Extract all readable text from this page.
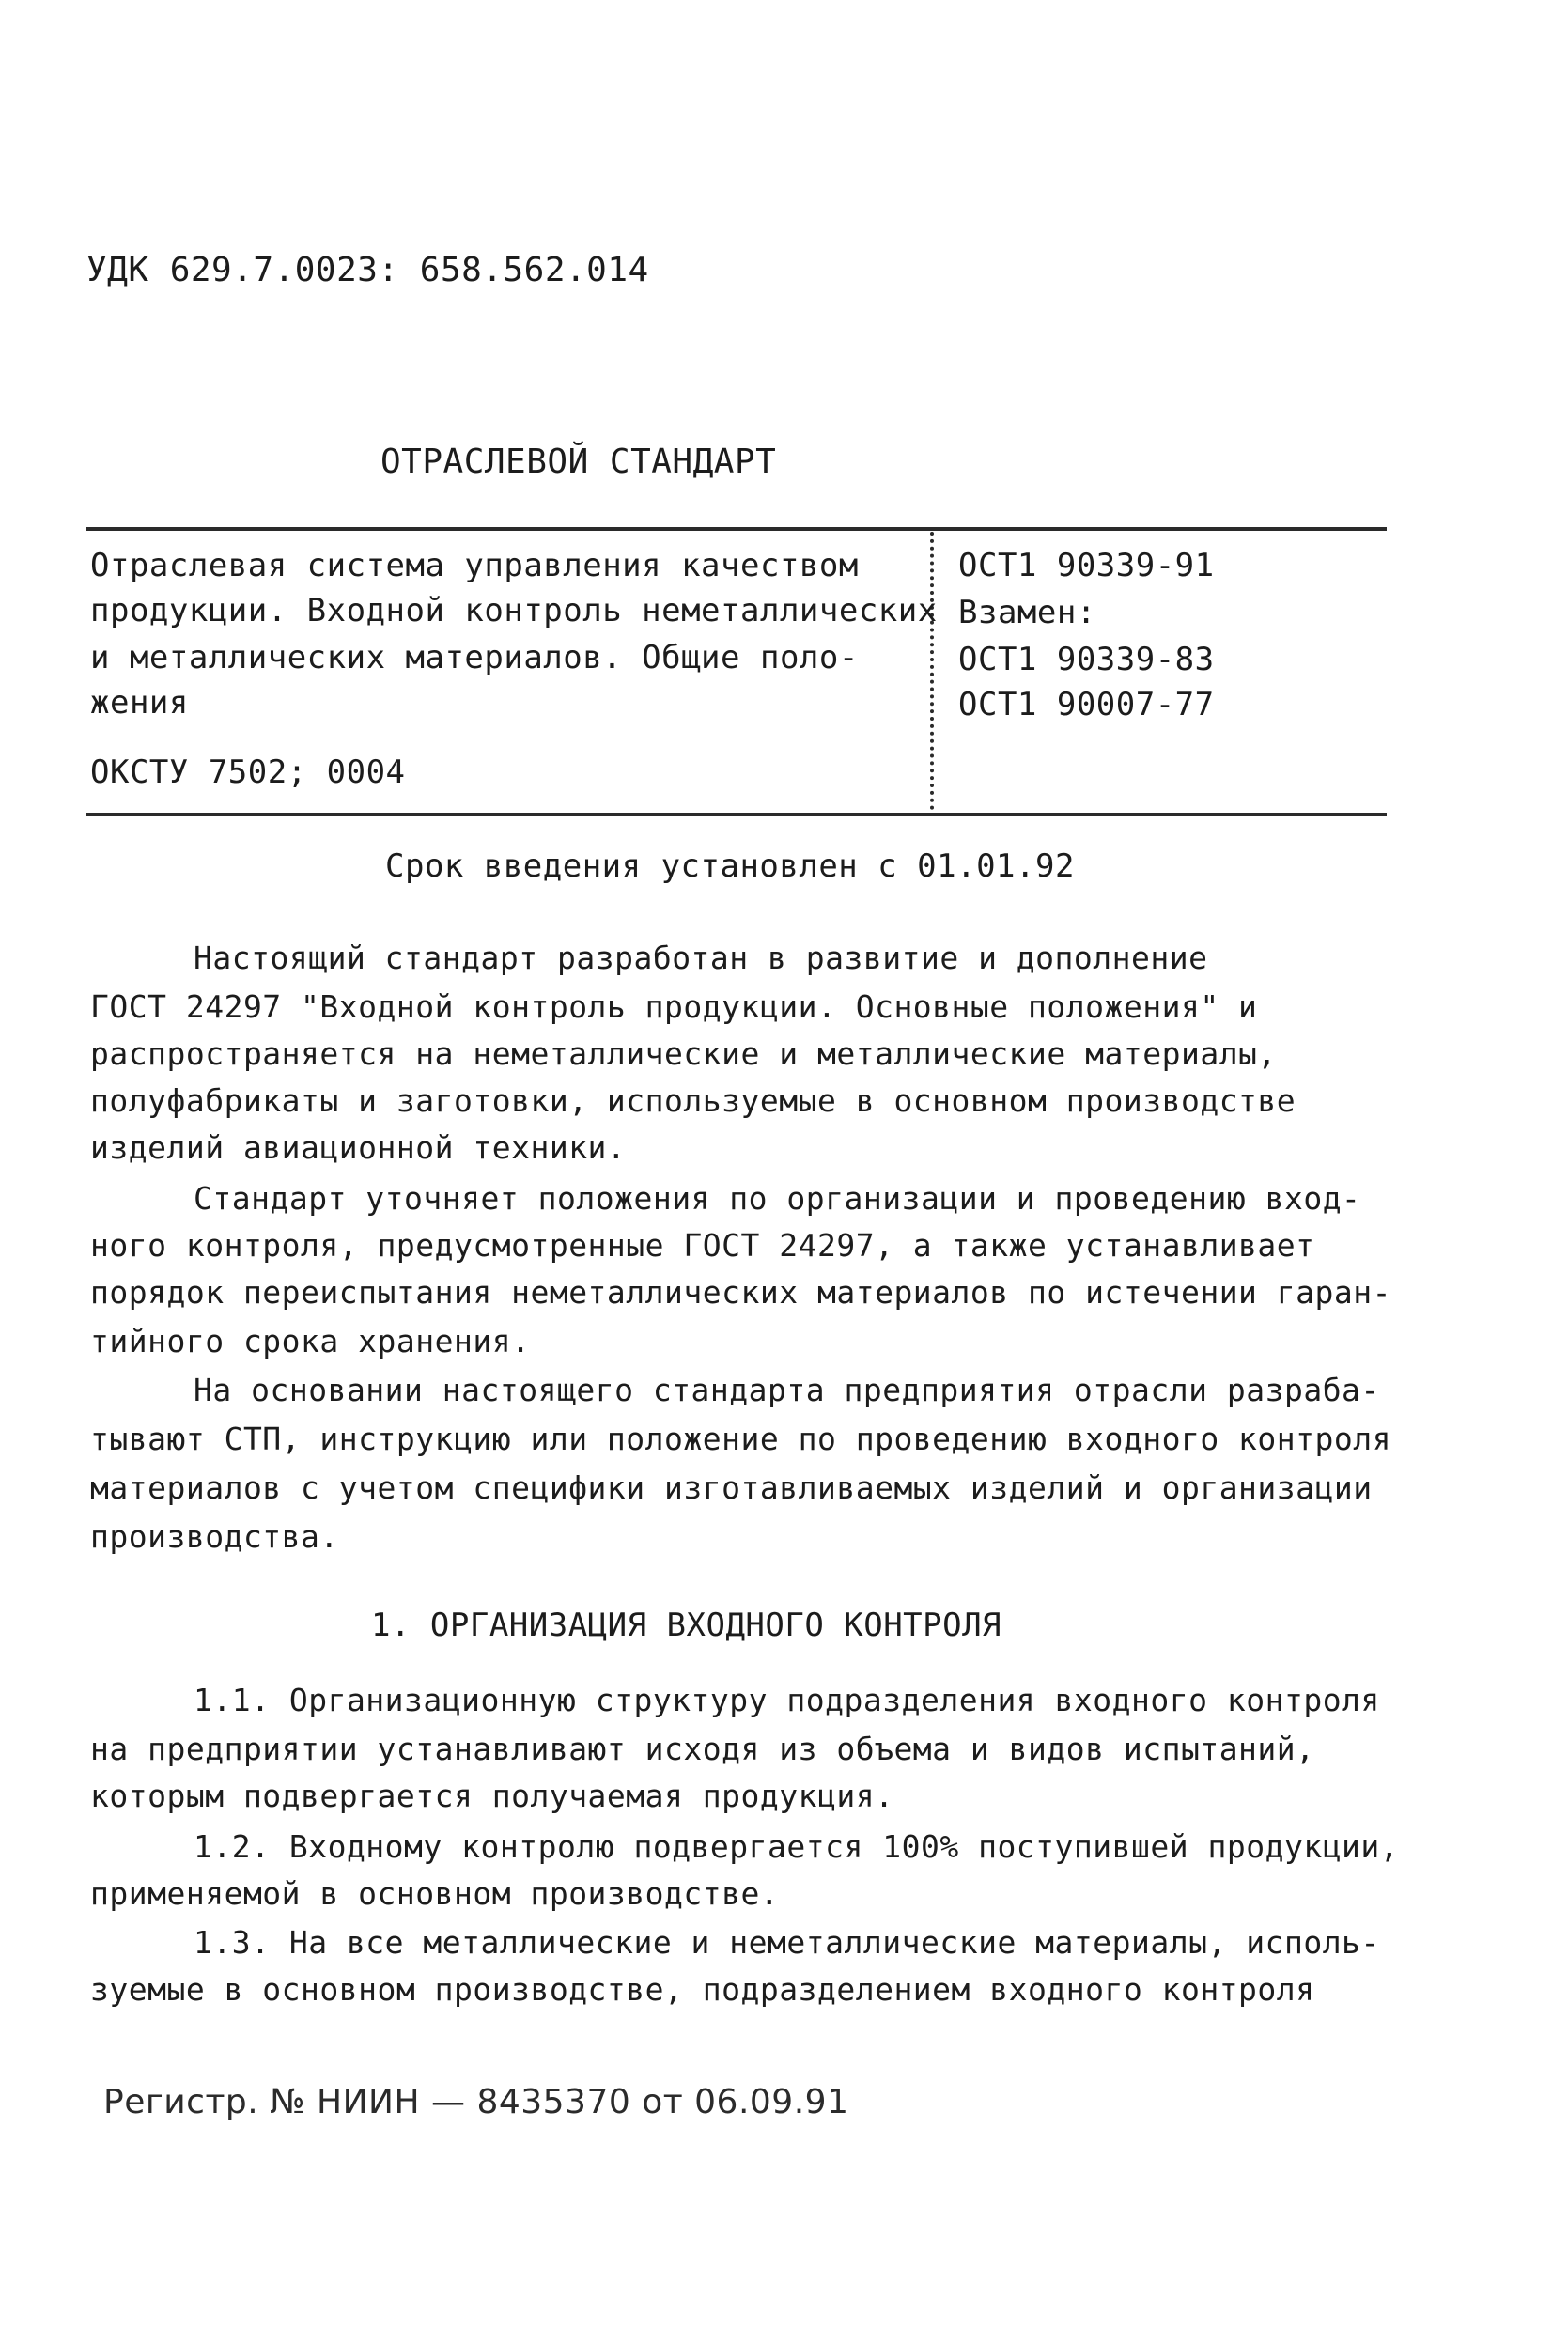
УДК 629.7.0023: 658.562.014
ОТРАСЛЕВОЙ СТАНДАРТ
Отраслевая система управления качеством
продукции. Входной контроль неметаллических
и металлических материалов. Общие поло-
жения
ОКСТУ 7502; 0004
ОСТ1 90339-91
Взамен:
ОСТ1 90339-83
ОСТ1 90007-77
Срок введения установлен с 01.01.92
Настоящий стандарт разработан в развитие и дополнение
ГОСТ 24297 "Входной контроль продукции. Основные положения" и
распространяется на неметаллические и металлические материалы,
полуфабрикаты и заготовки, используемые в основном производстве
изделий авиационной техники.
Стандарт уточняет положения по организации и проведению вход-
ного контроля, предусмотренные ГОСТ 24297, а также устанавливает
порядок переиспытания неметаллических материалов по истечении гаран-
тийного срока хранения.
На основании настоящего стандарта предприятия отрасли разраба-
тывают СТП, инструкцию или положение по проведению входного контроля
материалов с учетом специфики изготавливаемых изделий и организации
производства.
1. ОРГАНИЗАЦИЯ ВХОДНОГО КОНТРОЛЯ
1.1. Организационную структуру подразделения входного контроля
на предприятии устанавливают исходя из объема и видов испытаний,
которым подвергается получаемая продукция.
1.2. Входному контролю подвергается 100% поступившей продукции,
применяемой в основном производстве.
1.3. На все металлические и неметаллические материалы, исполь-
зуемые в основном производстве, подразделением входного контроля
Регистр. № НИИН — 8435370 от 06.09.91
